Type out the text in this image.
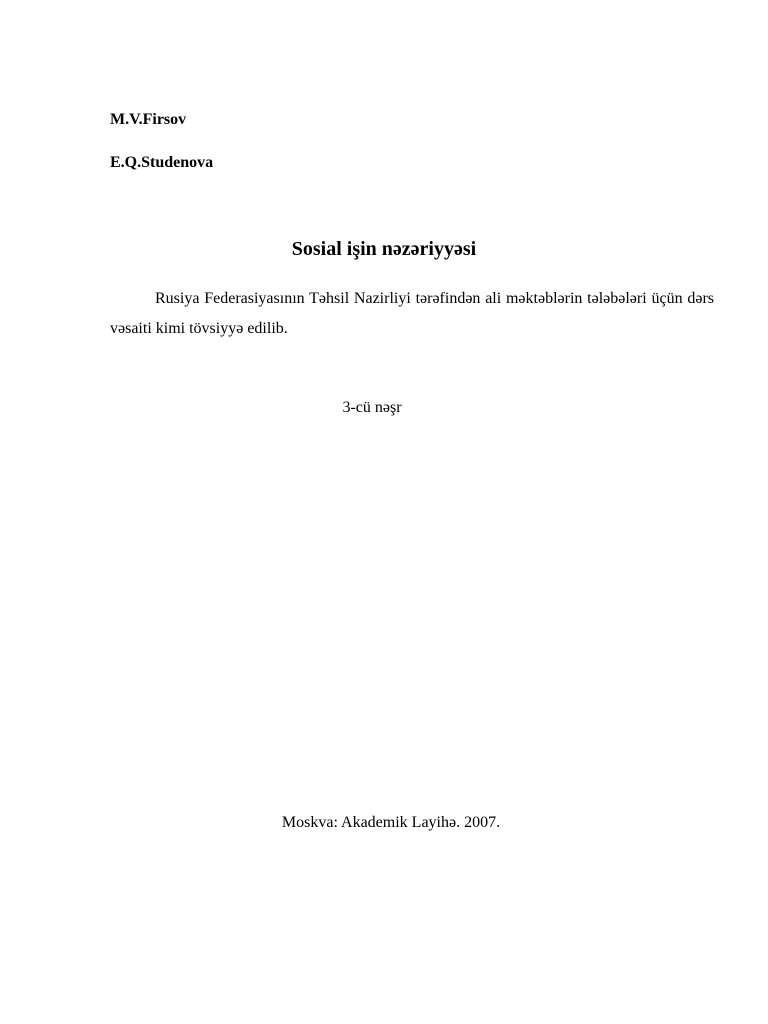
M.V.Firsov
E.Q.Studenova
Sosial işin nəzəriyyəsi

Rusiya Federasiyasının Təhsil Nazirliyi tərəfindən ali məktəblərin tələbələri üçün dərs vəsaiti kimi tövsiyyə edilib.

3-cü nəşr
Moskva: Akademik Layihə. 2007.
